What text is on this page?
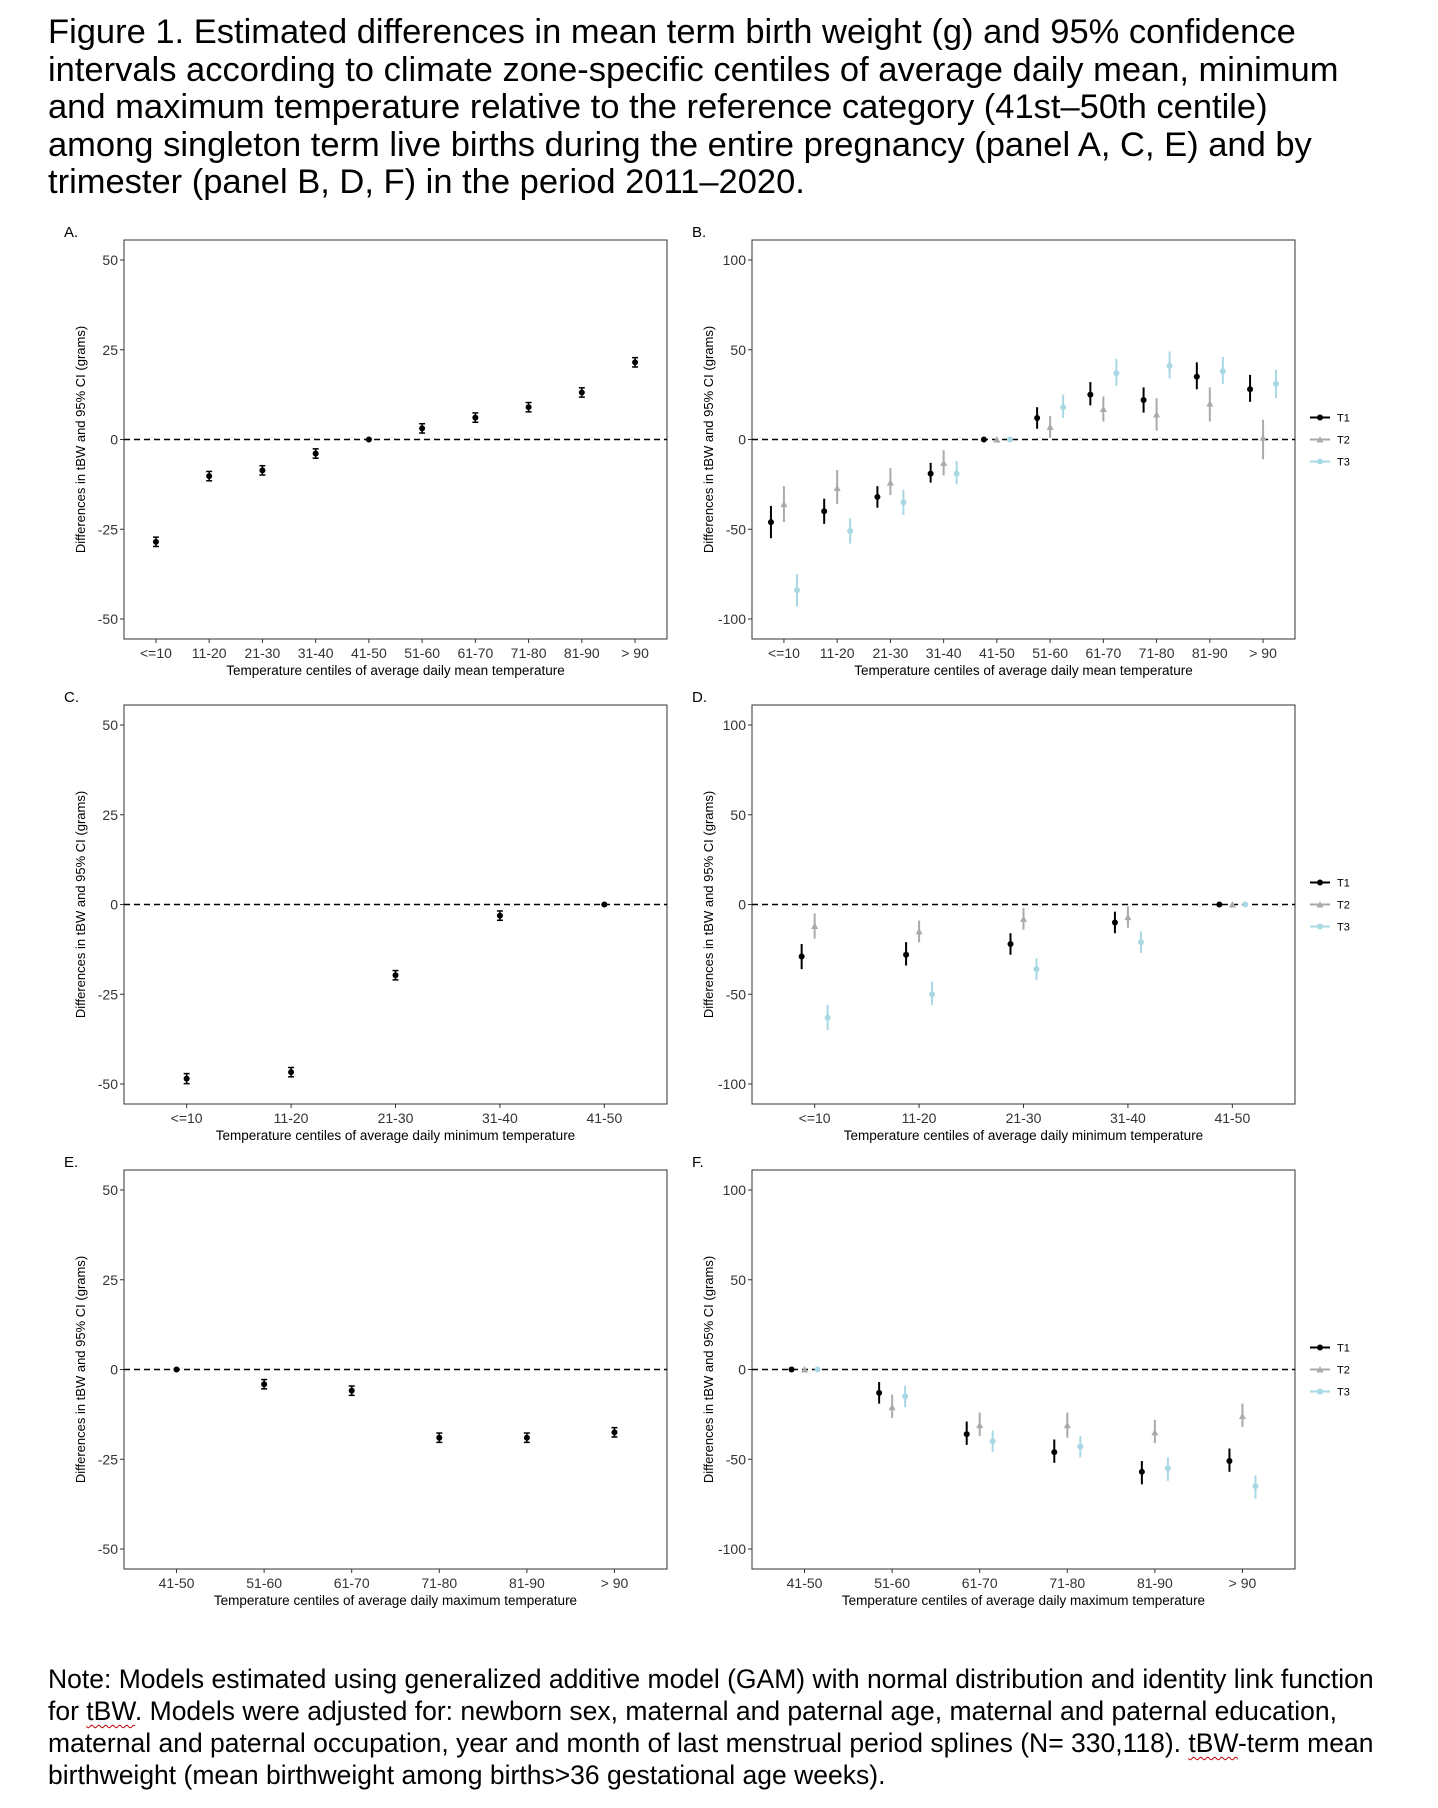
Figure 1. Estimated differences in mean term birth weight (g) and 95% confidence intervals according to climate zone-specific centiles of average daily mean, minimum and maximum temperature relative to the reference category (41st–50th centile) among singleton term live births during the entire pregnancy (panel A, C, E) and by trimester (panel B, D, F) in the period 2011–2020.

A.
50
25
0
-25
-50
Differences in tBW and 95% CI (grams)
<=10 11-20 21-30 31-40 41-50 51-60 61-70 71-80 81-90 > 90
Temperature centiles of average daily mean temperature
B.
100
50
0
-50
-100
Differences in tBW and 95% CI (grams)
<=10 11-20 21-30 31-40 41-50 51-60 61-70 71-80 81-90 > 90
Temperature centiles of average daily mean temperature
T1
T2
T3
C.
50
25
0
-25
-50
Differences in tBW and 95% CI (grams)
<=10	11-20	21-30	31-40	41-50
Temperature centiles of average daily minimum temperature
D.
100
50
0
-50
-100
Differences in tBW and 95% CI (grams)
<=10	11-20	21-30	31-40	41-50
Temperature centiles of average daily minimum temperature
T1
T2
T3
E.
50
25
0
-25
-50
Differences in tBW and 95% CI (grams)
41-50	51-60	61-70	71-80	81-90	> 90
Temperature centiles of average daily maximum temperature
F.
100
50
0
-50
-100
Differences in tBW and 95% CI (grams)
41-50	51-60	61-70	71-80	81-90	> 90
Temperature centiles of average daily maximum temperature
T1
T2
T3

Note: Models estimated using generalized additive model (GAM) with normal distribution and identity link function for tBW. Models were adjusted for: newborn sex, maternal and paternal age, maternal and paternal education, maternal and paternal occupation, year and month of last menstrual period splines (N= 330,118). tBW-term mean birthweight (mean birthweight among births>36 gestational age weeks).
